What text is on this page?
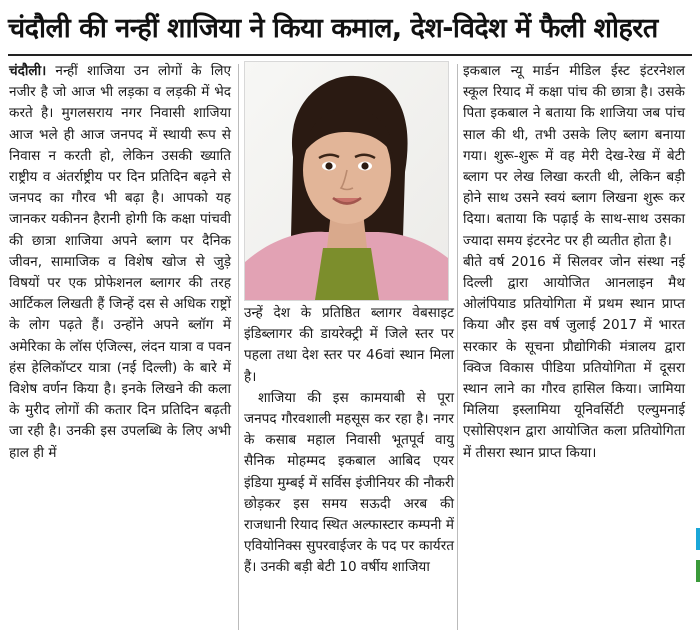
चंदौली की नन्हीं शाजिया ने किया कमाल, देश-विदेश में फैली शोहरत

चंदौली। नन्हीं शाजिया उन लोगों के लिए नजीर है जो आज भी लड़का व लड़की में भेद करते है। मुगलसराय नगर निवासी शाजिया आज भले ही आज जनपद में स्थायी रूप से निवास न करती हो, लेकिन उसकी ख्याति राष्ट्रीय व अंतर्राष्ट्रीय पर दिन प्रतिदिन बढ़ने से जनपद का गौरव भी बढ़ा है। आपको यह जानकर यकीनन हैरानी होगी कि कक्षा पांचवी की छात्रा शाजिया अपने ब्लाग पर दैनिक जीवन, सामाजिक व विशेष खोज से जुड़े विषयों पर एक प्रोफेशनल ब्लागर की तरह आर्टिकल लिखती हैं जिन्हें दस से अधिक राष्ट्रों के लोग पढ़ते हैं। उन्होंने अपने ब्लॉग में अमेरिका के लॉस एंजिल्स, लंदन यात्रा व पवन हंस हेलिकॉप्टर यात्रा (नई दिल्ली) के बारे में विशेष वर्णन किया है। इनके लिखने की कला के मुरीद लोगों की कतार दिन प्रतिदिन बढ़ती जा रही है। उनकी इस उपलब्धि के लिए अभी हाल ही में

उन्हें देश के प्रतिष्ठित ब्लागर वेबसाइट इंडिब्लागर की डायरेक्ट्री में जिले स्तर पर पहला तथा देश स्तर पर 46वां स्थान मिला है।

शाजिया की इस कामयाबी से पूरा जनपद गौरवशाली महसूस कर रहा है। नगर के कसाब महाल निवासी भूतपूर्व वायु सैनिक मोहम्मद इकबाल आबिद एयर इंडिया मुम्बई में सर्विस इंजीनियर की नौकरी छोड़कर इस समय सऊदी अरब की राजधानी रियाद स्थित अल्फास्टार कम्पनी में एवियोनिक्स सुपरवाईजर के पद पर कार्यरत हैं। उनकी बड़ी बेटी 10 वर्षीय शाजिया

इकबाल न्यू मार्डन मीडिल ईस्ट इंटरनेशल स्कूल रियाद में कक्षा पांच की छात्रा है। उसके पिता इकबाल ने बताया कि शाजिया जब पांच साल की थी, तभी उसके लिए ब्लाग बनाया गया। शुरू-शुरू में वह मेरी देख-रेख में बेटी ब्लाग पर लेख लिखा करती थी, लेकिन बड़ी होने साथ उसने स्वयं ब्लाग लिखना शुरू कर दिया। बताया कि पढ़ाई के साथ-साथ उसका ज्यादा समय इंटरनेट पर ही व्यतीत होता है।

बीते वर्ष 2016 में सिलवर जोन संस्था नई दिल्ली द्वारा आयोजित आनलाइन मैथ ओलंपियाड प्रतियोगिता में प्रथम स्थान प्राप्त किया और इस वर्ष जुलाई 2017 में भारत सरकार के सूचना प्रौद्योगिकी मंत्रालय द्वारा क्विज विकास पीडिया प्रतियोगिता में दूसरा स्थान लाने का गौरव हासिल किया। जामिया मिलिया इस्लामिया यूनिवर्सिटी एल्युमनाई एसोसिएशन द्वारा आयोजित कला प्रतियोगिता में तीसरा स्थान प्राप्त किया।
